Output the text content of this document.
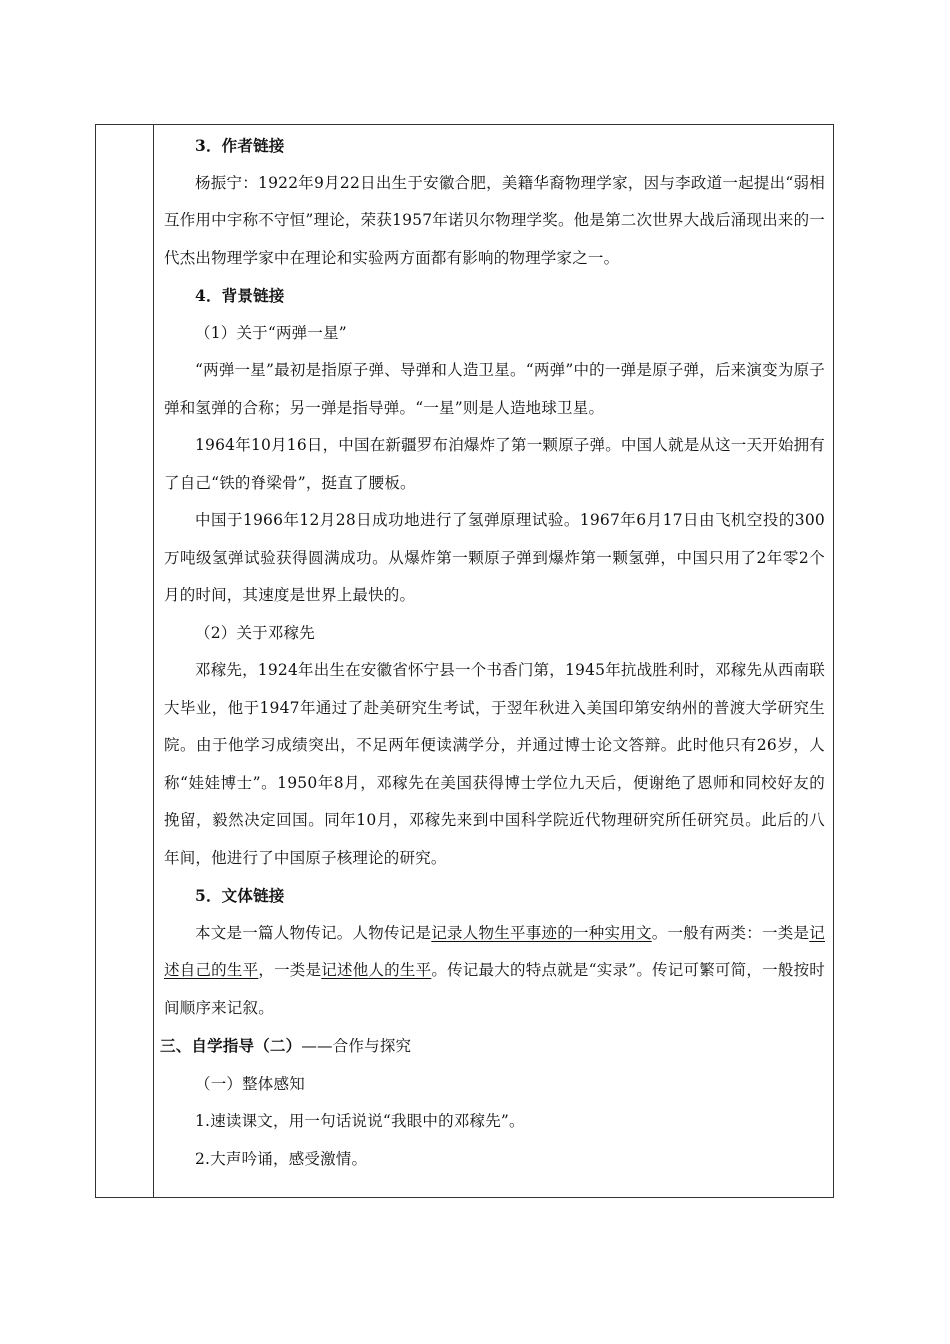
3．作者链接

杨振宁：1922年9月22日出生于安徽合肥，美籍华裔物理学家，因与李政道一起提出“弱相互作用中宇称不守恒”理论，荣获1957年诺贝尔物理学奖。他是第二次世界大战后涌现出来的一代杰出物理学家中在理论和实验两方面都有影响的物理学家之一。

4．背景链接

（1）关于“两弹一星”

“两弹一星”最初是指原子弹、导弹和人造卫星。“两弹”中的一弹是原子弹，后来演变为原子弹和氢弹的合称；另一弹是指导弹。“一星”则是人造地球卫星。

1964年10月16日，中国在新疆罗布泊爆炸了第一颗原子弹。中国人就是从这一天开始拥有了自己“铁的脊梁骨”，挺直了腰板。

中国于1966年12月28日成功地进行了氢弹原理试验。1967年6月17日由飞机空投的300万吨级氢弹试验获得圆满成功。从爆炸第一颗原子弹到爆炸第一颗氢弹，中国只用了2年零2个月的时间，其速度是世界上最快的。

（2）关于邓稼先

邓稼先，1924年出生在安徽省怀宁县一个书香门第，1945年抗战胜利时，邓稼先从西南联大毕业，他于1947年通过了赴美研究生考试，于翌年秋进入美国印第安纳州的普渡大学研究生院。由于他学习成绩突出，不足两年便读满学分，并通过博士论文答辩。此时他只有26岁，人称“娃娃博士”。1950年8月，邓稼先在美国获得博士学位九天后，便谢绝了恩师和同校好友的挽留，毅然决定回国。同年10月，邓稼先来到中国科学院近代物理研究所任研究员。此后的八年间，他进行了中国原子核理论的研究。

5．文体链接

本文是一篇人物传记。人物传记是记录人物生平事迹的一种实用文。一般有两类：一类是记述自己的生平，一类是记述他人的生平。传记最大的特点就是“实录”。传记可繁可简，一般按时间顺序来记叙。

三、自学指导（二）——合作与探究

（一）整体感知

1.速读课文，用一句话说说“我眼中的邓稼先”。

2.大声吟诵，感受激情。
